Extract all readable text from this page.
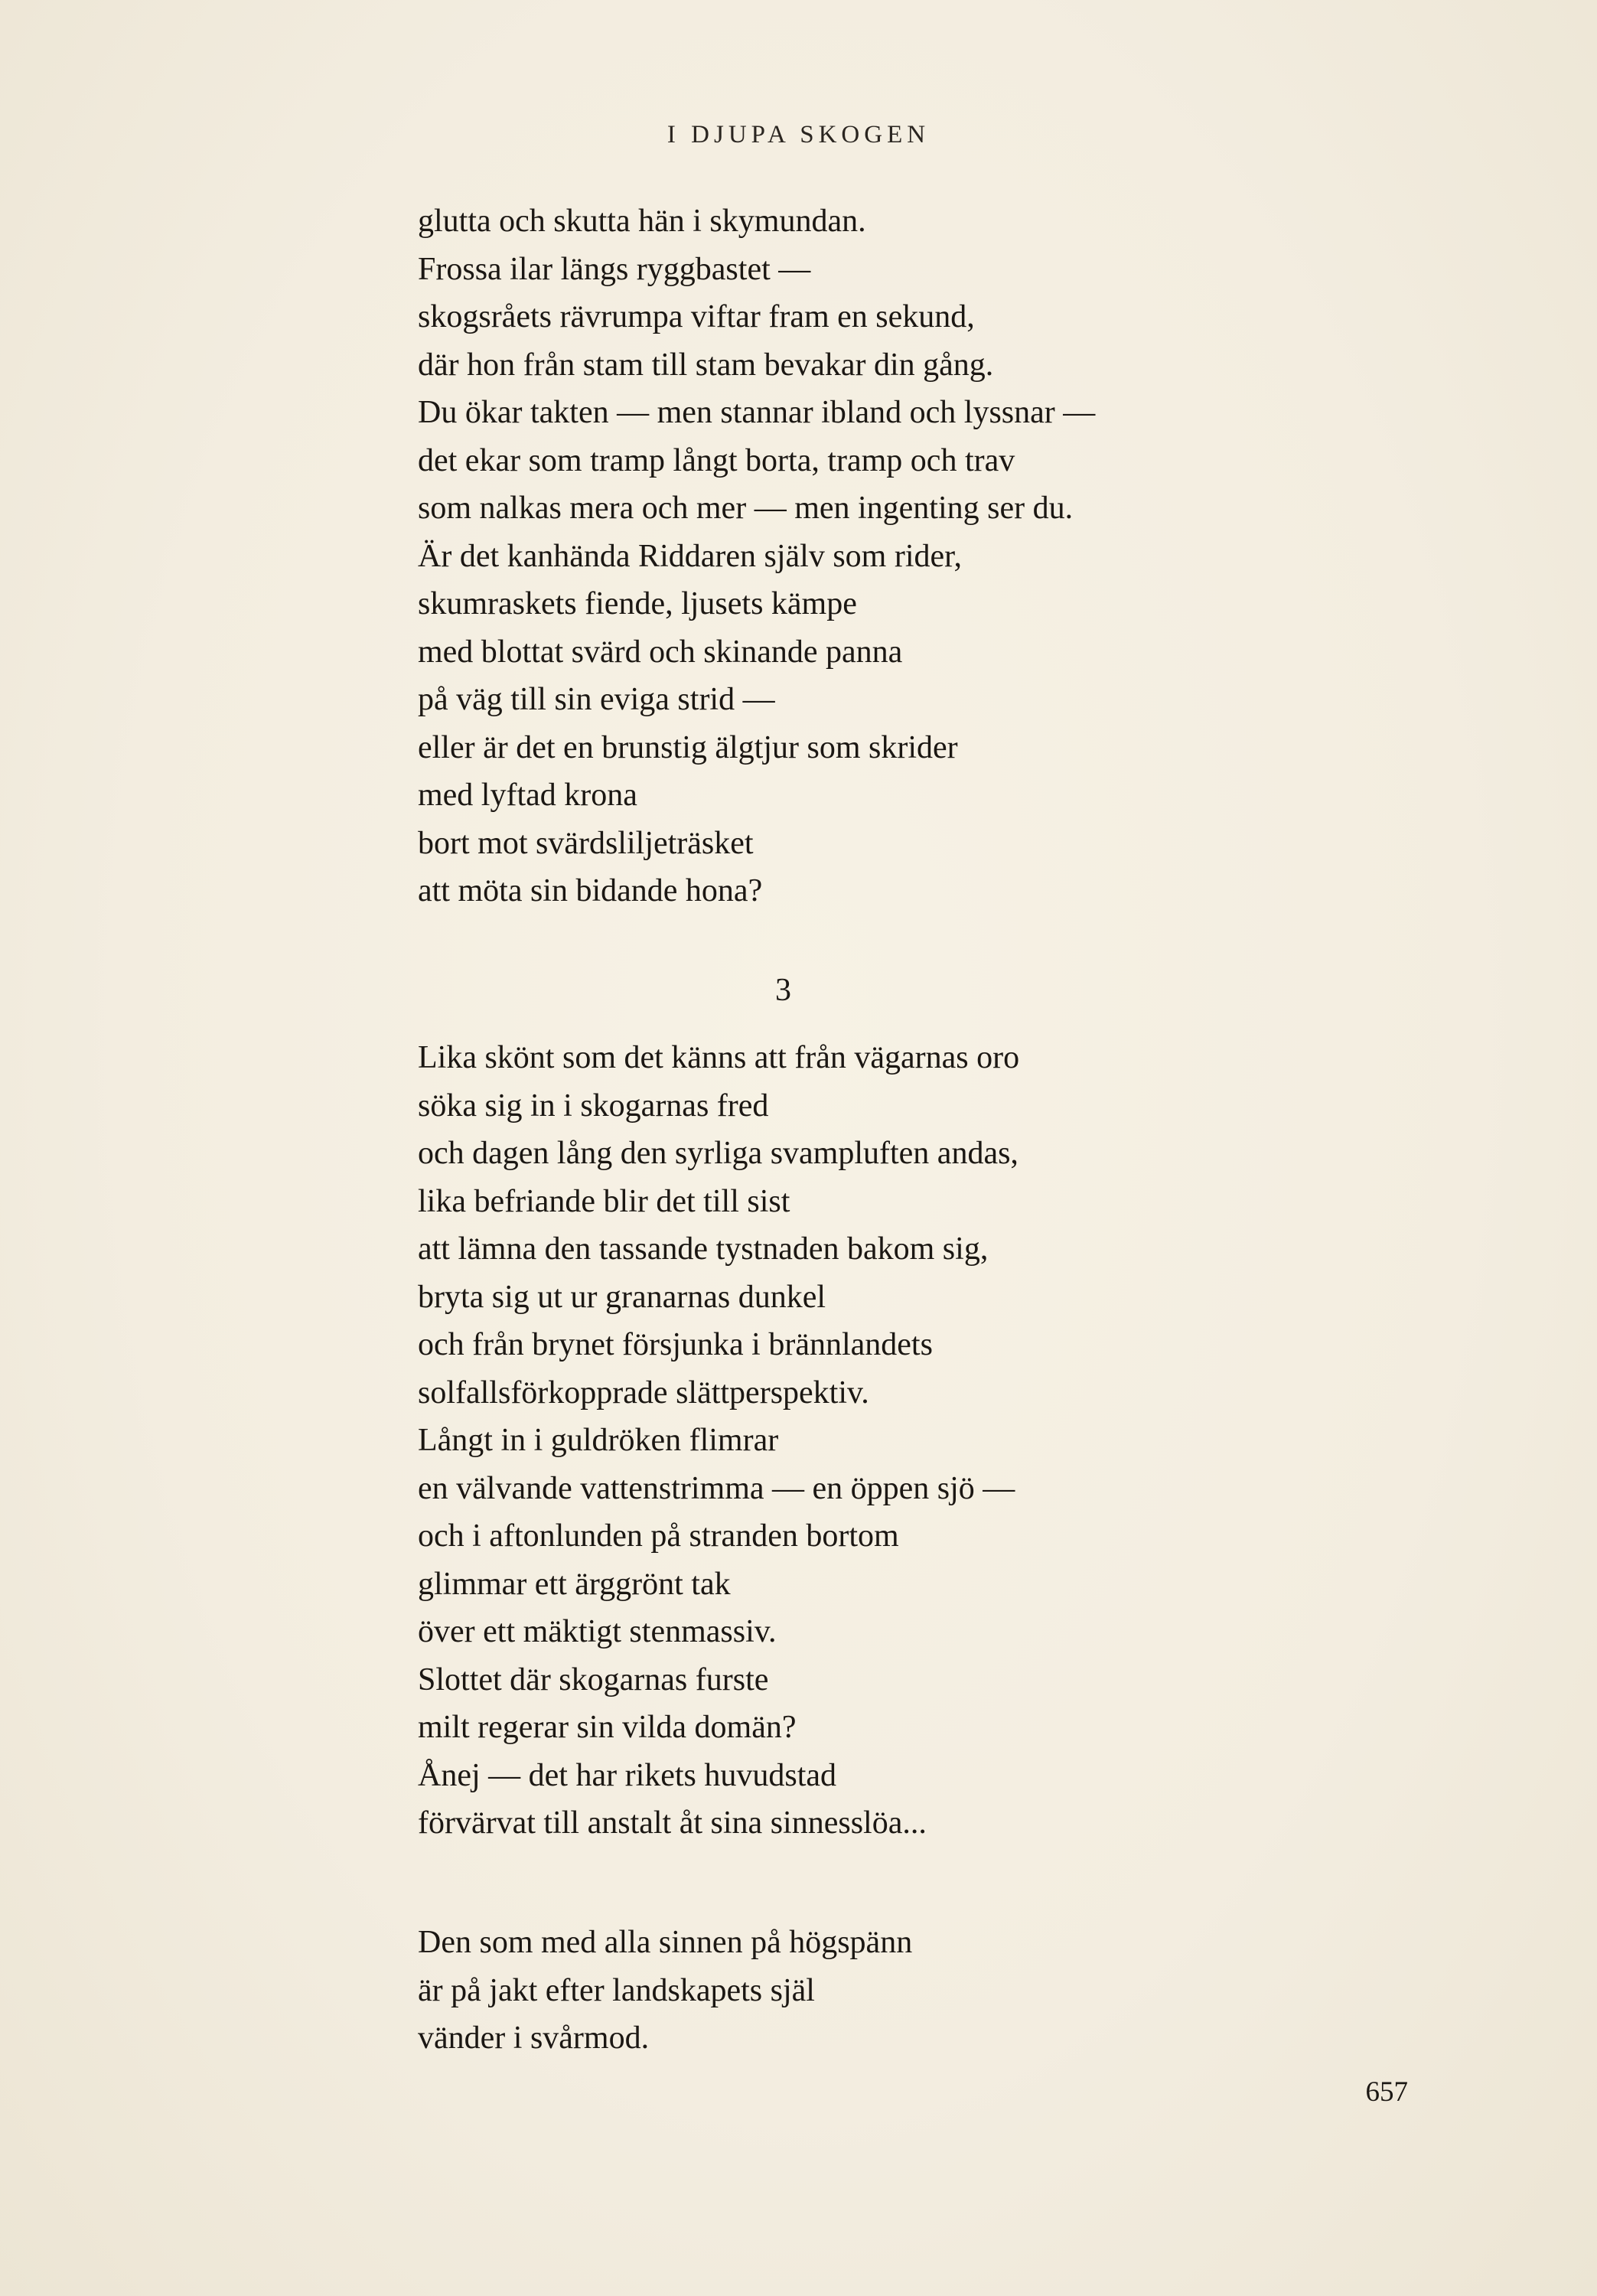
I DJUPA SKOGEN
glutta och skutta hän i skymundan.
Frossa ilar längs ryggbastet —
skogsråets rävrumpa viftar fram en sekund,
där hon från stam till stam bevakar din gång.
Du ökar takten — men stannar ibland och lyssnar —
det ekar som tramp långt borta, tramp och trav
som nalkas mera och mer — men ingenting ser du.
Är det kanhända Riddaren själv som rider,
skumraskets fiende, ljusets kämpe
med blottat svärd och skinande panna
på väg till sin eviga strid —
eller är det en brunstig älgtjur som skrider
med lyftad krona
bort mot svärdsliljeträsket
att möta sin bidande hona?
3
Lika skönt som det känns att från vägarnas oro
söka sig in i skogarnas fred
och dagen lång den syrliga svampluften andas,
lika befriande blir det till sist
att lämna den tassande tystnaden bakom sig,
bryta sig ut ur granarnas dunkel
och från brynet försjunka i brännlandets
solfallsförkopprade slättperspektiv.
Långt in i guldröken flimrar
en välvande vattenstrimma — en öppen sjö —
och i aftonlunden på stranden bortom
glimmar ett ärggrönt tak
över ett mäktigt stenmassiv.
Slottet där skogarnas furste
milt regerar sin vilda domän?
Ånej — det har rikets huvudstad
förvärvat till anstalt åt sina sinnesslöa...
Den som med alla sinnen på högspänn
är på jakt efter landskapets själ
vänder i svårmod.
657
